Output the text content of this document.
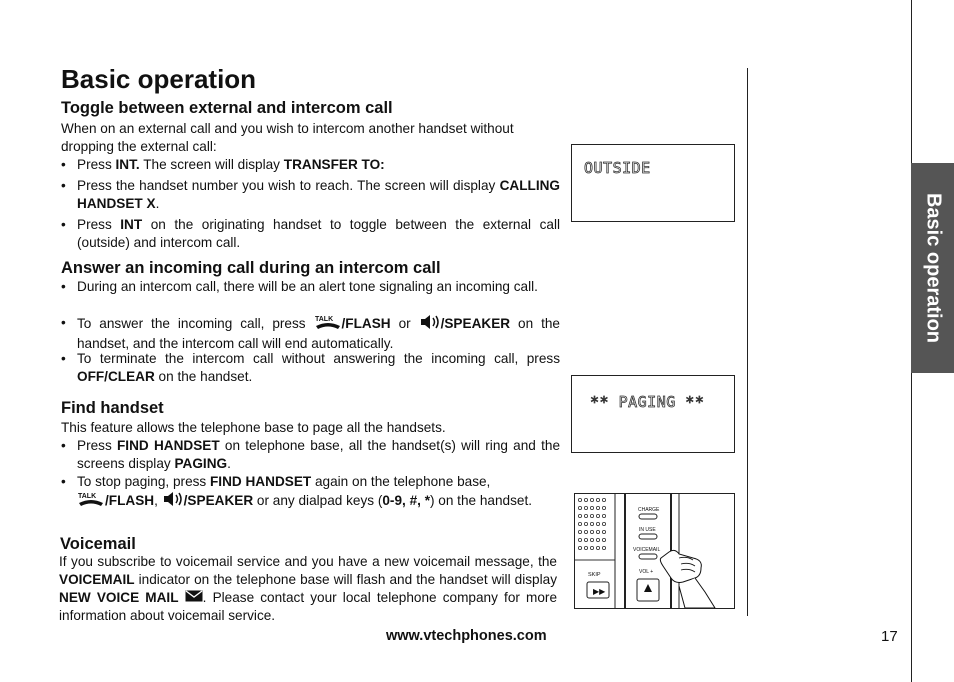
Basic operation
Toggle between external and intercom call
When on an external call and you wish to intercom another handset without dropping the external call:
• Press INT. The screen will display TRANSFER TO:
• Press the handset number you wish to reach. The screen will display CALLING HANDSET X.
• Press INT on the originating handset to toggle between the external call (outside) and intercom call.
Answer an incoming call during an intercom call
• During an intercom call, there will be an alert tone signaling an incoming call.
• To answer the incoming call, press TALK /FLASH or /SPEAKER on the handset, and the intercom call will end automatically.
• To terminate the intercom call without answering the incoming call, press OFF/CLEAR on the handset.
Find handset
This feature allows the telephone base to page all the handsets.
• Press FIND HANDSET on telephone base, all the handset(s) will ring and the screens display PAGING.
• To stop paging, press FIND HANDSET again on the telephone base,

TALK /FLASH, /SPEAKER or any dialpad keys (0-9, #, *) on the handset.
Voicemail
If you subscribe to voicemail service and you have a new voicemail message, the VOICEMAIL indicator on the telephone base will flash and the handset will display NEW VOICE MAIL . Please contact your local telephone company for more information about voicemail service.
OUTSIDE
** PAGING **
SKIP
▶▶
CHARGE
IN USE
VOICEMAIL
VOL +
Basic operation
www.vtechphones.com	17
